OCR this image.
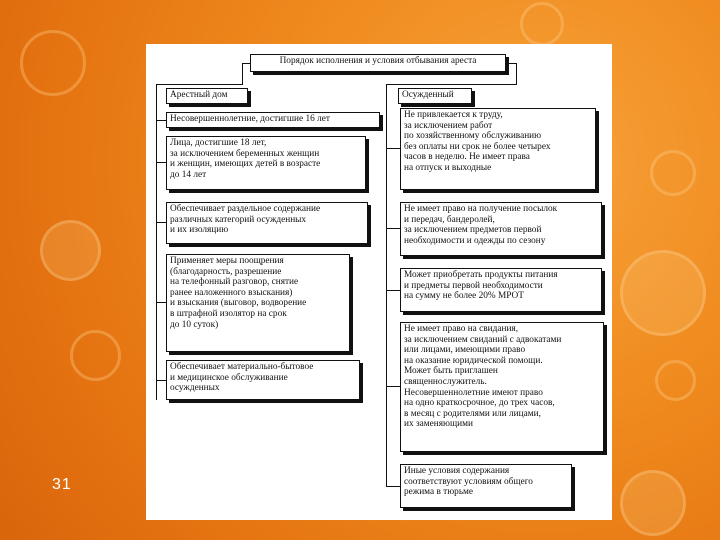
31
Порядок исполнения и условия отбывания ареста
Арестный дом
Несовершеннолетние, достигшие 16 лет
Лица, достигшие 18 лет,
за исключением беременных женщин
и женщин, имеющих детей в возрасте
до 14 лет
Обеспечивает раздельное содержание
различных категорий осужденных
и их изоляцию
Применяет меры поощрения
(благодарность, разрешение
на телефонный разговор, снятие
ранее наложенного взыскания)
и взыскания (выговор, водворение
в штрафной изолятор на срок
до 10 суток)
Обеспечивает материально-бытовое
и медицинское обслуживание
осужденных
Осужденный
Не привлекается к труду,
за исключением работ
по хозяйственному обслуживанию
без оплаты ни срок не более четырех
часов в неделю. Не имеет права
на отпуск и выходные
Не имеет право на получение посылок
и передач, бандеролей,
за исключением предметов первой
необходимости и одежды по сезону
Может приобретать продукты питания
и предметы первой необходимости
на сумму не более 20% МРОТ
Не имеет право на свидания,
за исключением свиданий с адвокатами
или лицами, имеющими право
на оказание юридической помощи.
Может быть приглашен
священнослужитель.
Несовершеннолетние имеют право
на одно краткосрочное, до трех часов,
в месяц с родителями или лицами,
их заменяющими
Иные условия содержания
соответствуют условиям общего
режима в тюрьме
